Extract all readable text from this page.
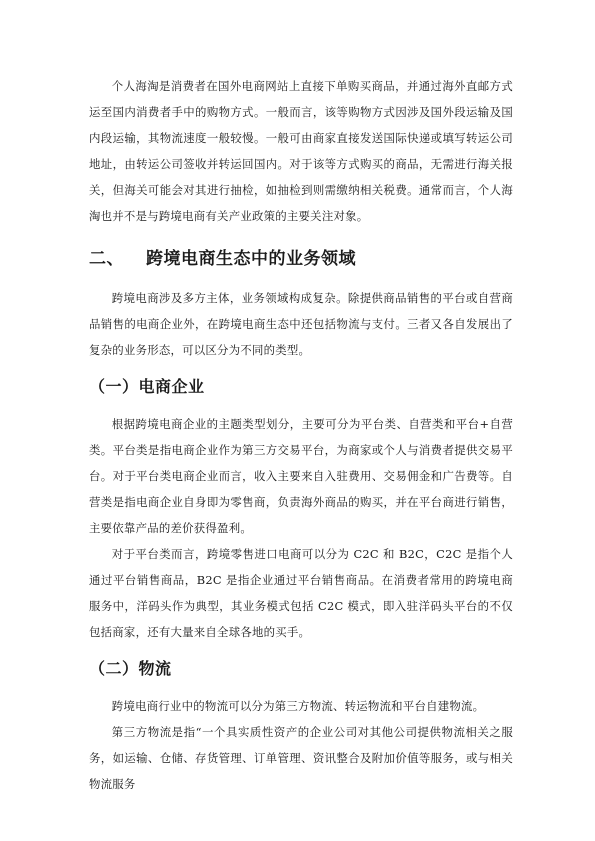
个人海淘是消费者在国外电商网站上直接下单购买商品，并通过海外直邮方式运至国内消费者手中的购物方式。一般而言，该等购物方式因涉及国外段运输及国内段运输，其物流速度一般较慢。一般可由商家直接发送国际快递或填写转运公司地址，由转运公司签收并转运回国内。对于该等方式购买的商品，无需进行海关报关，但海关可能会对其进行抽检，如抽检到则需缴纳相关税费。通常而言，个人海淘也并不是与跨境电商有关产业政策的主要关注对象。

二、 跨境电商生态中的业务领域

跨境电商涉及多方主体，业务领域构成复杂。除提供商品销售的平台或自营商品销售的电商企业外，在跨境电商生态中还包括物流与支付。三者又各自发展出了复杂的业务形态，可以区分为不同的类型。

（一）电商企业

根据跨境电商企业的主题类型划分，主要可分为平台类、自营类和平台+自营类。平台类是指电商企业作为第三方交易平台，为商家或个人与消费者提供交易平台。对于平台类电商企业而言，收入主要来自入驻费用、交易佣金和广告费等。自营类是指电商企业自身即为零售商，负责海外商品的购买，并在平台商进行销售，主要依靠产品的差价获得盈利。

对于平台类而言，跨境零售进口电商可以分为 C2C 和 B2C，C2C 是指个人通过平台销售商品，B2C 是指企业通过平台销售商品。在消费者常用的跨境电商服务中，洋码头作为典型，其业务模式包括 C2C 模式，即入驻洋码头平台的不仅包括商家，还有大量来自全球各地的买手。

（二）物流

跨境电商行业中的物流可以分为第三方物流、转运物流和平台自建物流。

第三方物流是指“一个具实质性资产的企业公司对其他公司提供物流相关之服务，如运输、仓储、存货管理、订单管理、资讯整合及附加价值等服务，或与相关物流服务
